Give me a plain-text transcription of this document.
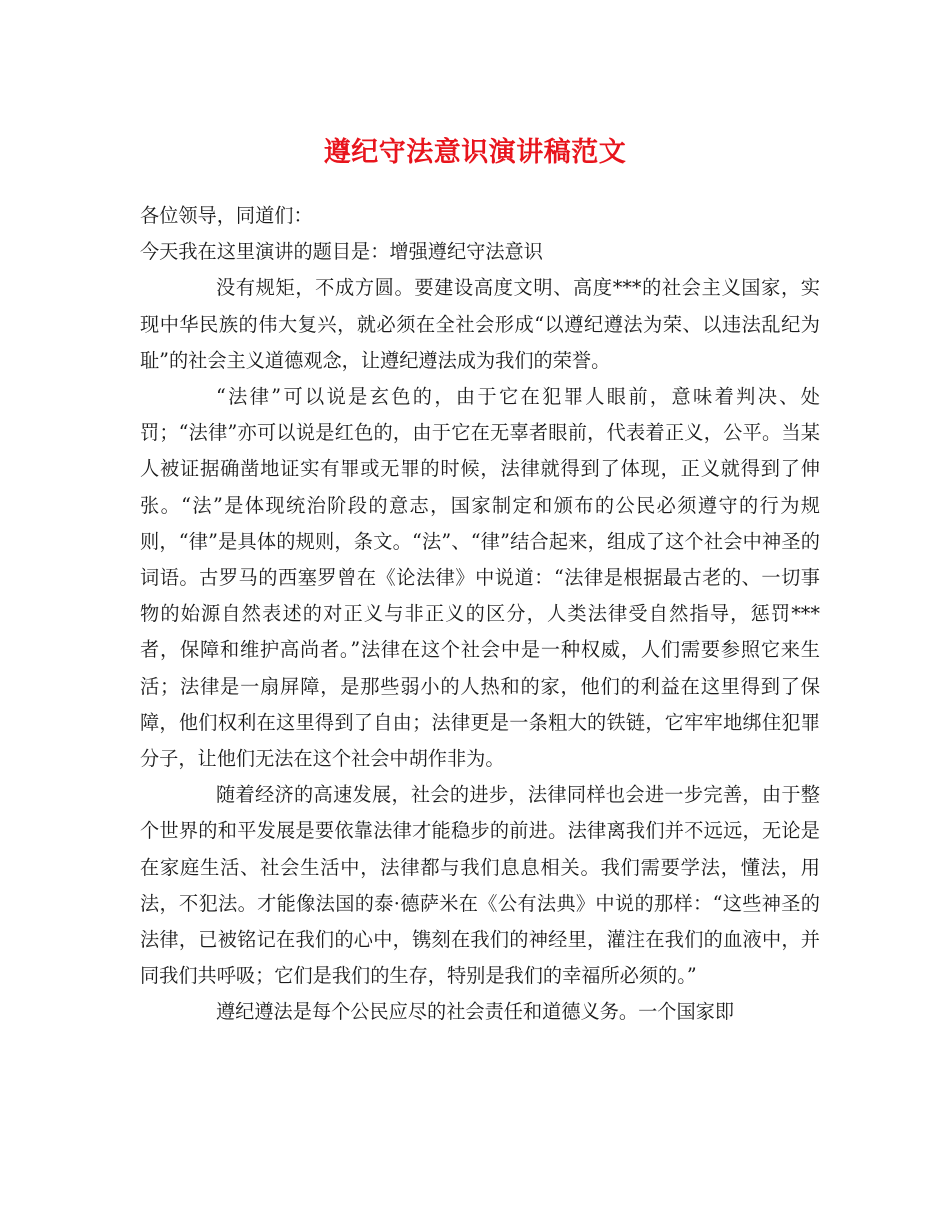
遵纪守法意识演讲稿范文

各位领导，同道们：

今天我在这里演讲的题目是：增强遵纪守法意识

没有规矩，不成方圆。要建设高度文明、高度***的社会主义国家，实现中华民族的伟大复兴，就必须在全社会形成“以遵纪遵法为荣、以违法乱纪为耻”的社会主义道德观念，让遵纪遵法成为我们的荣誉。

“法律”可以说是玄色的，由于它在犯罪人眼前，意味着判决、处罚；“法律”亦可以说是红色的，由于它在无辜者眼前，代表着正义，公平。当某人被证据确凿地证实有罪或无罪的时候，法律就得到了体现，正义就得到了伸张。“法”是体现统治阶段的意志，国家制定和颁布的公民必须遵守的行为规则，“律”是具体的规则，条文。“法”、“律”结合起来，组成了这个社会中神圣的词语。古罗马的西塞罗曾在《论法律》中说道：“法律是根据最古老的、一切事物的始源自然表述的对正义与非正义的区分，人类法律受自然指导，惩罚***者，保障和维护高尚者。”法律在这个社会中是一种权威，人们需要参照它来生活；法律是一扇屏障，是那些弱小的人热和的家，他们的利益在这里得到了保障，他们权利在这里得到了自由；法律更是一条粗大的铁链，它牢牢地绑住犯罪分子，让他们无法在这个社会中胡作非为。

随着经济的高速发展，社会的进步，法律同样也会进一步完善，由于整个世界的和平发展是要依靠法律才能稳步的前进。法律离我们并不远远，无论是在家庭生活、社会生活中，法律都与我们息息相关。我们需要学法，懂法，用法，不犯法。才能像法国的泰·德萨米在《公有法典》中说的那样：“这些神圣的法律，已被铭记在我们的心中，镌刻在我们的神经里，灌注在我们的血液中，并同我们共呼吸；它们是我们的生存，特别是我们的幸福所必须的。”

遵纪遵法是每个公民应尽的社会责任和道德义务。一个国家即
